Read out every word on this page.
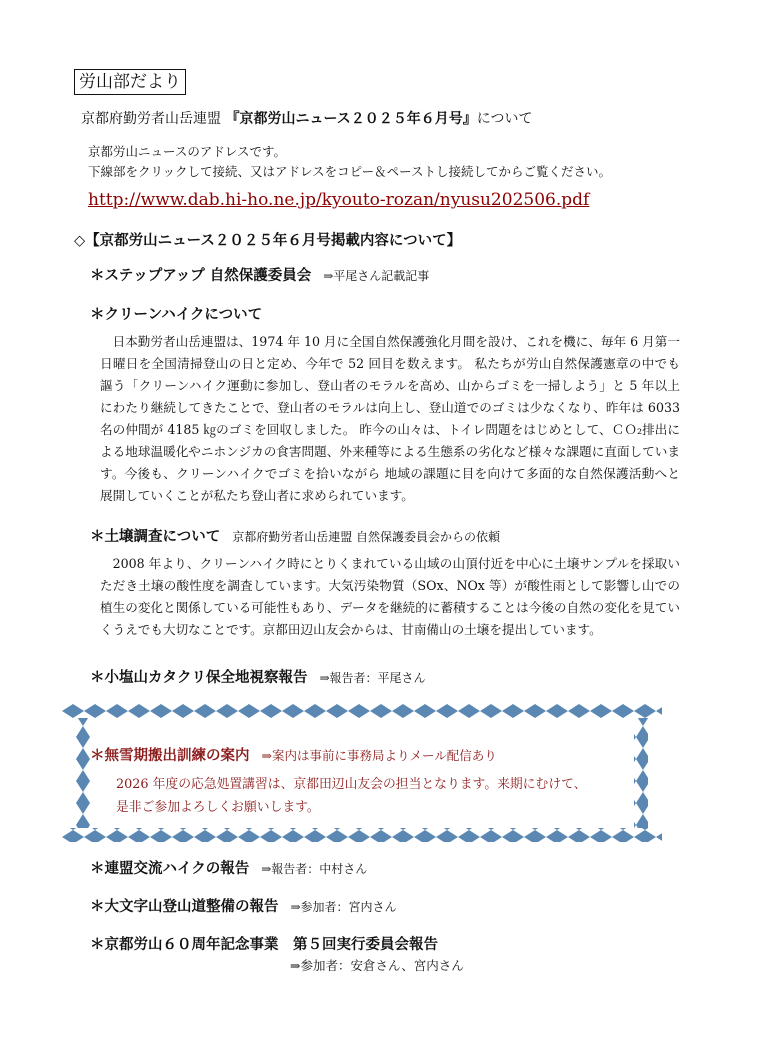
労山部だより
京都府勤労者山岳連盟 『京都労山ニュース２０２５年６月号』について
京都労山ニュースのアドレスです。
下線部をクリックして接続、又はアドレスをコピー＆ペーストし接続してからご覧ください。
http://www.dab.hi-ho.ne.jp/kyouto-rozan/nyusu202506.pdf
◇【京都労山ニュース２０２５年６月号掲載内容について】
＊ステップアップ 自然保護委員会 ⇒平尾さん記載記事
＊クリーンハイクについて
日本勤労者山岳連盟は、1974 年 10 月に全国自然保護強化月間を設け、これを機に、毎年 6 月第一日曜日を全国清掃登山の日と定め、今年で 52 回目を数えます。 私たちが労山自然保護憲章の中でも謳う「クリーンハイク運動に参加し、登山者のモラルを高め、山からゴミを一掃しよう」と 5 年以上にわたり継続してきたことで、登山者のモラルは向上し、登山道でのゴミは少なくなり、昨年は 6033 名の仲間が 4185 ㎏のゴミを回収しました。 昨今の山々は、トイレ問題をはじめとして、ＣＯ₂排出による地球温暖化やニホンジカの食害問題、外来種等による生態系の劣化など様々な課題に直面しています。今後も、クリーンハイクでゴミを拾いながら 地域の課題に目を向けて多面的な自然保護活動へと展開していくことが私たち登山者に求められています。
＊土壌調査について 京都府勤労者山岳連盟 自然保護委員会からの依頼
2008 年より、クリーンハイク時にとりくまれている山域の山頂付近を中心に土壌サンプルを採取いただき土壌の酸性度を調査しています。大気汚染物質（SOx、NOx 等）が酸性雨として影響し山での植生の変化と関係している可能性もあり、データを継続的に蓄積することは今後の自然の変化を見ていくうえでも大切なことです。京都田辺山友会からは、甘南備山の土壌を提出しています。
＊小塩山カタクリ保全地視察報告 ⇒報告者：平尾さん
＊無雪期搬出訓練の案内 ⇒案内は事前に事務局よりメール配信あり
2026 年度の応急処置講習は、京都田辺山友会の担当となります。来期にむけて、
是非ご参加よろしくお願いします。
＊連盟交流ハイクの報告 ⇒報告者：中村さん
＊大文字山登山道整備の報告 ⇒参加者：宮内さん
＊京都労山６０周年記念事業　第５回実行委員会報告
⇒参加者：安倉さん、宮内さん
